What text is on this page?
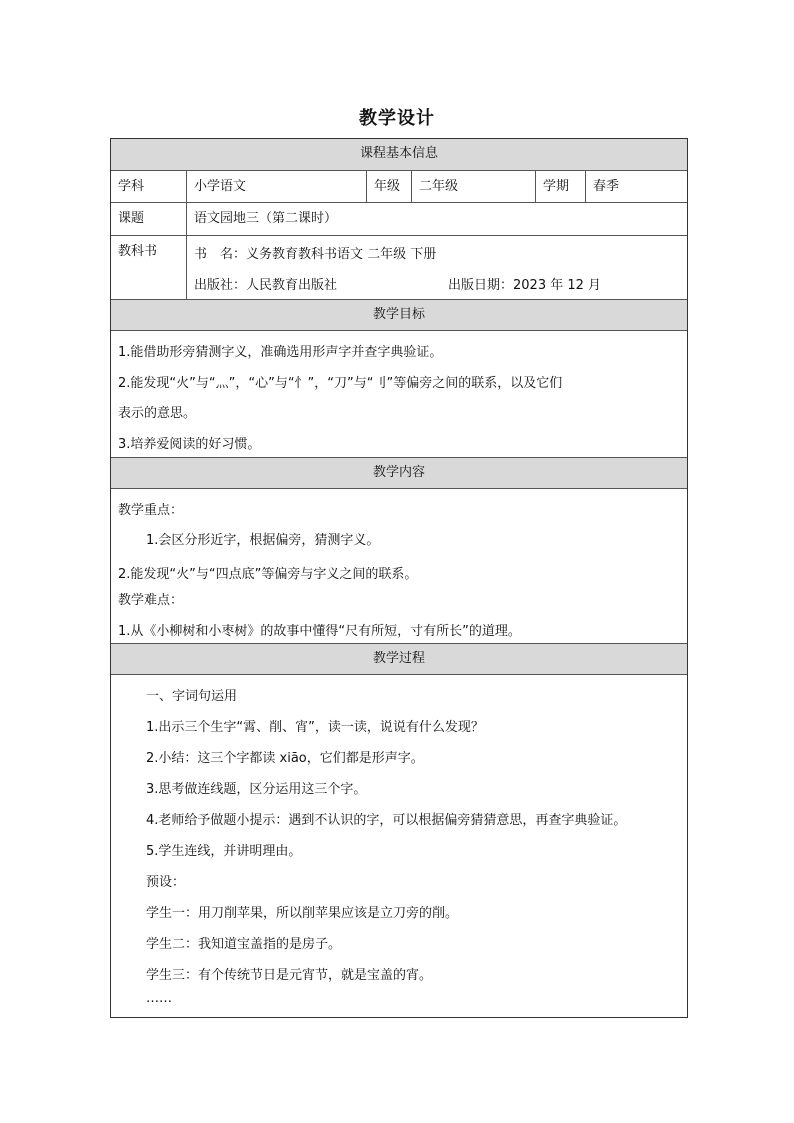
教学设计
课程基本信息
学科	小学语文	年级	二年级	学期	春季
课题	语文园地三（第二课时）
教科书	书　名：义务教育教科书语文 二年级 下册
出版社：人民教育出版社	出版日期：2023 年 12 月
教学目标
1.能借助形旁猜测字义，准确选用形声字并查字典验证。
2.能发现“火”与“灬”，“心”与“忄”，“刀”与“刂”等偏旁之间的联系，以及它们
表示的意思。
3.培养爱阅读的好习惯。
教学内容
教学重点：
1.会区分形近字，根据偏旁，猜测字义。
2.能发现“火”与“四点底”等偏旁与字义之间的联系。
教学难点：
1.从《小柳树和小枣树》的故事中懂得“尺有所短，寸有所长”的道理。
教学过程
一、字词句运用
1.出示三个生字“霄、削、宵”，读一读，说说有什么发现？
2.小结：这三个字都读 xiāo，它们都是形声字。
3.思考做连线题，区分运用这三个字。
4.老师给予做题小提示：遇到不认识的字，可以根据偏旁猜猜意思，再查字典验证。
5.学生连线，并讲明理由。
预设：
学生一：用刀削苹果，所以削苹果应该是立刀旁的削。
学生二：我知道宝盖指的是房子。
学生三：有个传统节日是元宵节，就是宝盖的宵。
……
